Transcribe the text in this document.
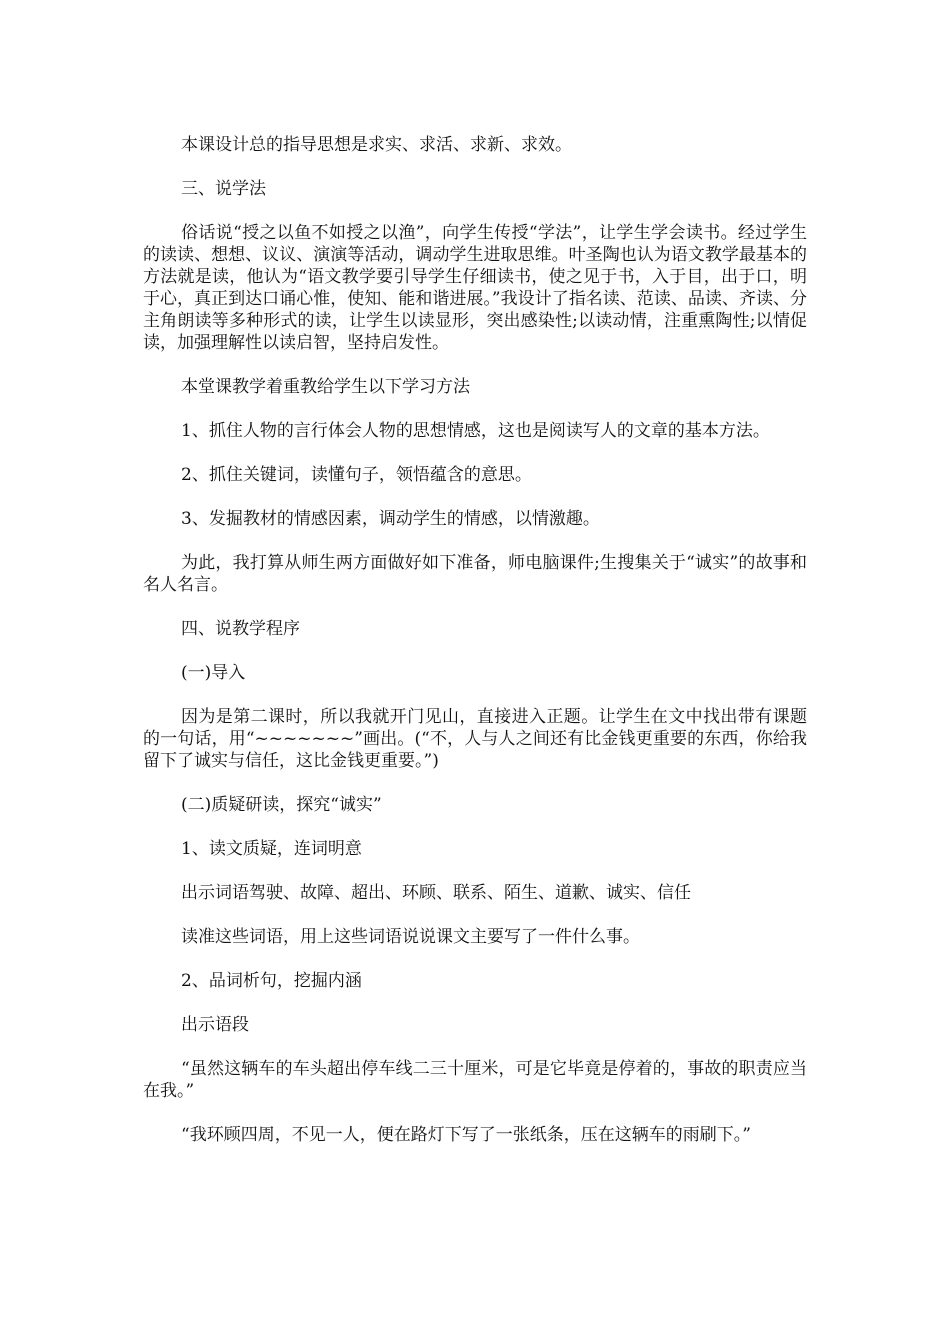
本课设计总的指导思想是求实、求活、求新、求效。

三、说学法

俗话说“授之以鱼不如授之以渔”，向学生传授“学法”，让学生学会读书。经过学生的读读、想想、议议、演演等活动，调动学生进取思维。叶圣陶也认为语文教学最基本的方法就是读，他认为“语文教学要引导学生仔细读书，使之见于书，入于目，出于口，明于心，真正到达口诵心惟，使知、能和谐进展。”我设计了指名读、范读、品读、齐读、分主角朗读等多种形式的读，让学生以读显形，突出感染性;以读动情，注重熏陶性;以情促读，加强理解性以读启智，坚持启发性。

本堂课教学着重教给学生以下学习方法

1、抓住人物的言行体会人物的思想情感，这也是阅读写人的文章的基本方法。

2、抓住关键词，读懂句子，领悟蕴含的意思。

3、发掘教材的情感因素，调动学生的情感，以情激趣。

为此，我打算从师生两方面做好如下准备，师电脑课件;生搜集关于“诚实”的故事和名人名言。

四、说教学程序

(一)导入

因为是第二课时，所以我就开门见山，直接进入正题。让学生在文中找出带有课题的一句话，用“~~~~~~~”画出。(“不，人与人之间还有比金钱更重要的东西，你给我留下了诚实与信任，这比金钱更重要。”)

(二)质疑研读，探究“诚实”

1、读文质疑，连词明意

出示词语驾驶、故障、超出、环顾、联系、陌生、道歉、诚实、信任

读准这些词语，用上这些词语说说课文主要写了一件什么事。

2、品词析句，挖掘内涵

出示语段

“虽然这辆车的车头超出停车线二三十厘米，可是它毕竟是停着的，事故的职责应当在我。”

“我环顾四周，不见一人，便在路灯下写了一张纸条，压在这辆车的雨刷下。”
